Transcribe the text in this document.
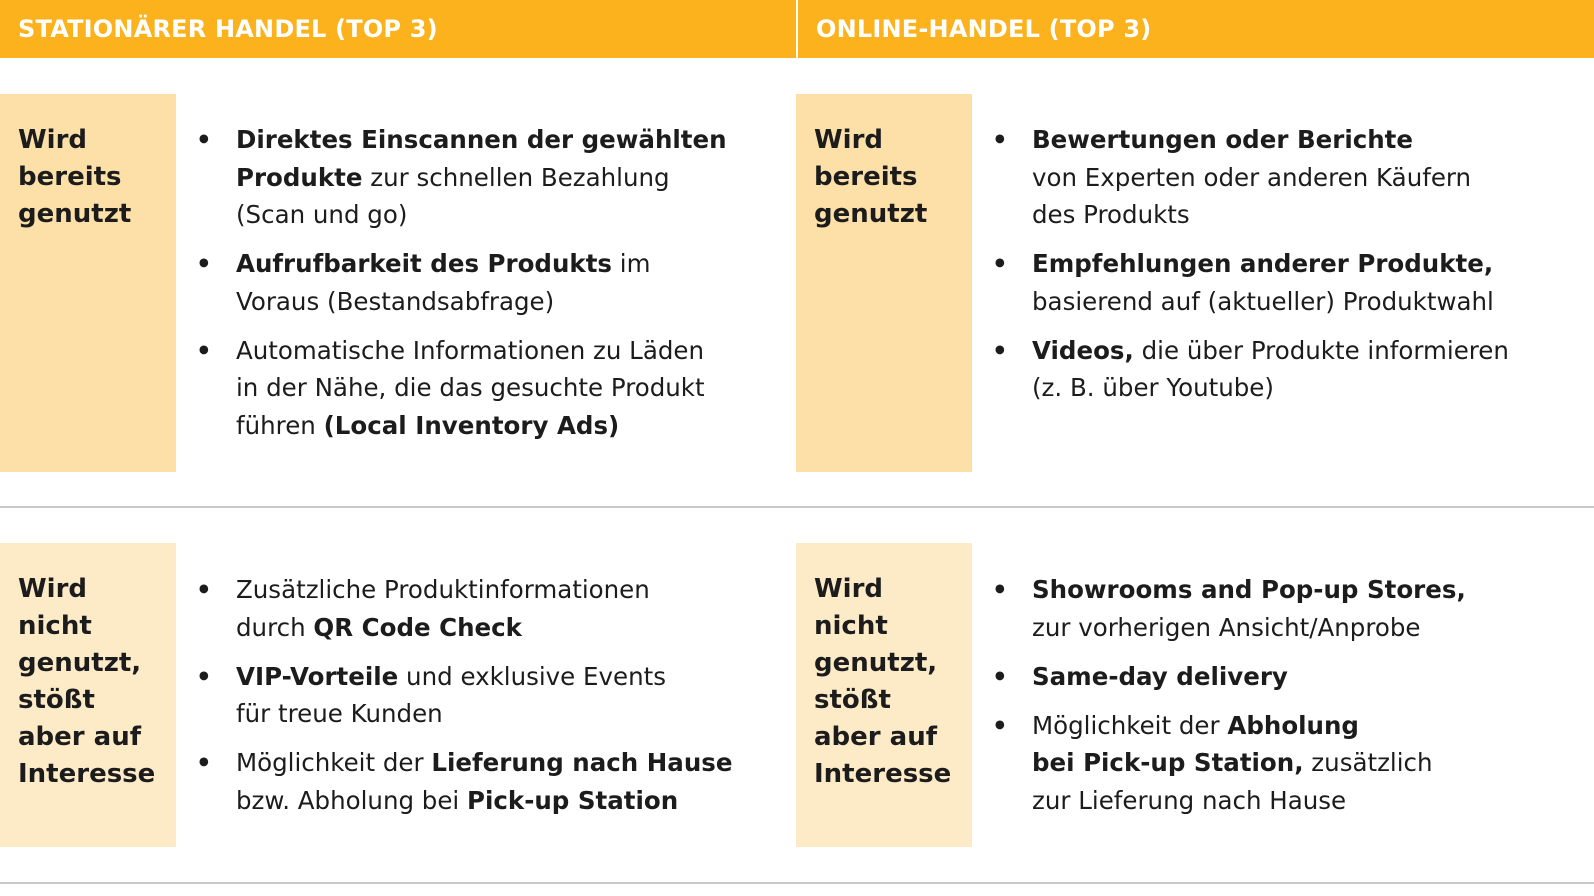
STATIONÄRER HANDEL (TOP 3)	ONLINE-HANDEL (TOP 3)
Wird
bereits
genutzt
Wird
bereits
genutzt
• Direktes Einscannen der gewählten
Produkte zur schnellen Bezahlung
(Scan und go)
• Aufrufbarkeit des Produkts im
Voraus (Bestandsabfrage)
• Automatische Informationen zu Läden
in der Nähe, die das gesuchte Produkt
führen (Local Inventory Ads)
• Bewertungen oder Berichte
von Experten oder anderen Käufern
des Produkts
• Empfehlungen anderer Produkte,
basierend auf (aktueller) Produktwahl
• Videos, die über Produkte informieren
(z. B. über Youtube)
Wird
nicht
genutzt,
stößt
aber auf
Interesse
Wird
nicht
genutzt,
stößt
aber auf
Interesse
• Zusätzliche Produktinformationen
durch QR Code Check
• VIP-Vorteile und exklusive Events
für treue Kunden
• Möglichkeit der Lieferung nach Hause
bzw. Abholung bei Pick-up Station
• Showrooms and Pop-up Stores,
zur vorherigen Ansicht/Anprobe
• Same-day delivery
• Möglichkeit der Abholung
bei Pick-up Station, zusätzlich
zur Lieferung nach Hause
